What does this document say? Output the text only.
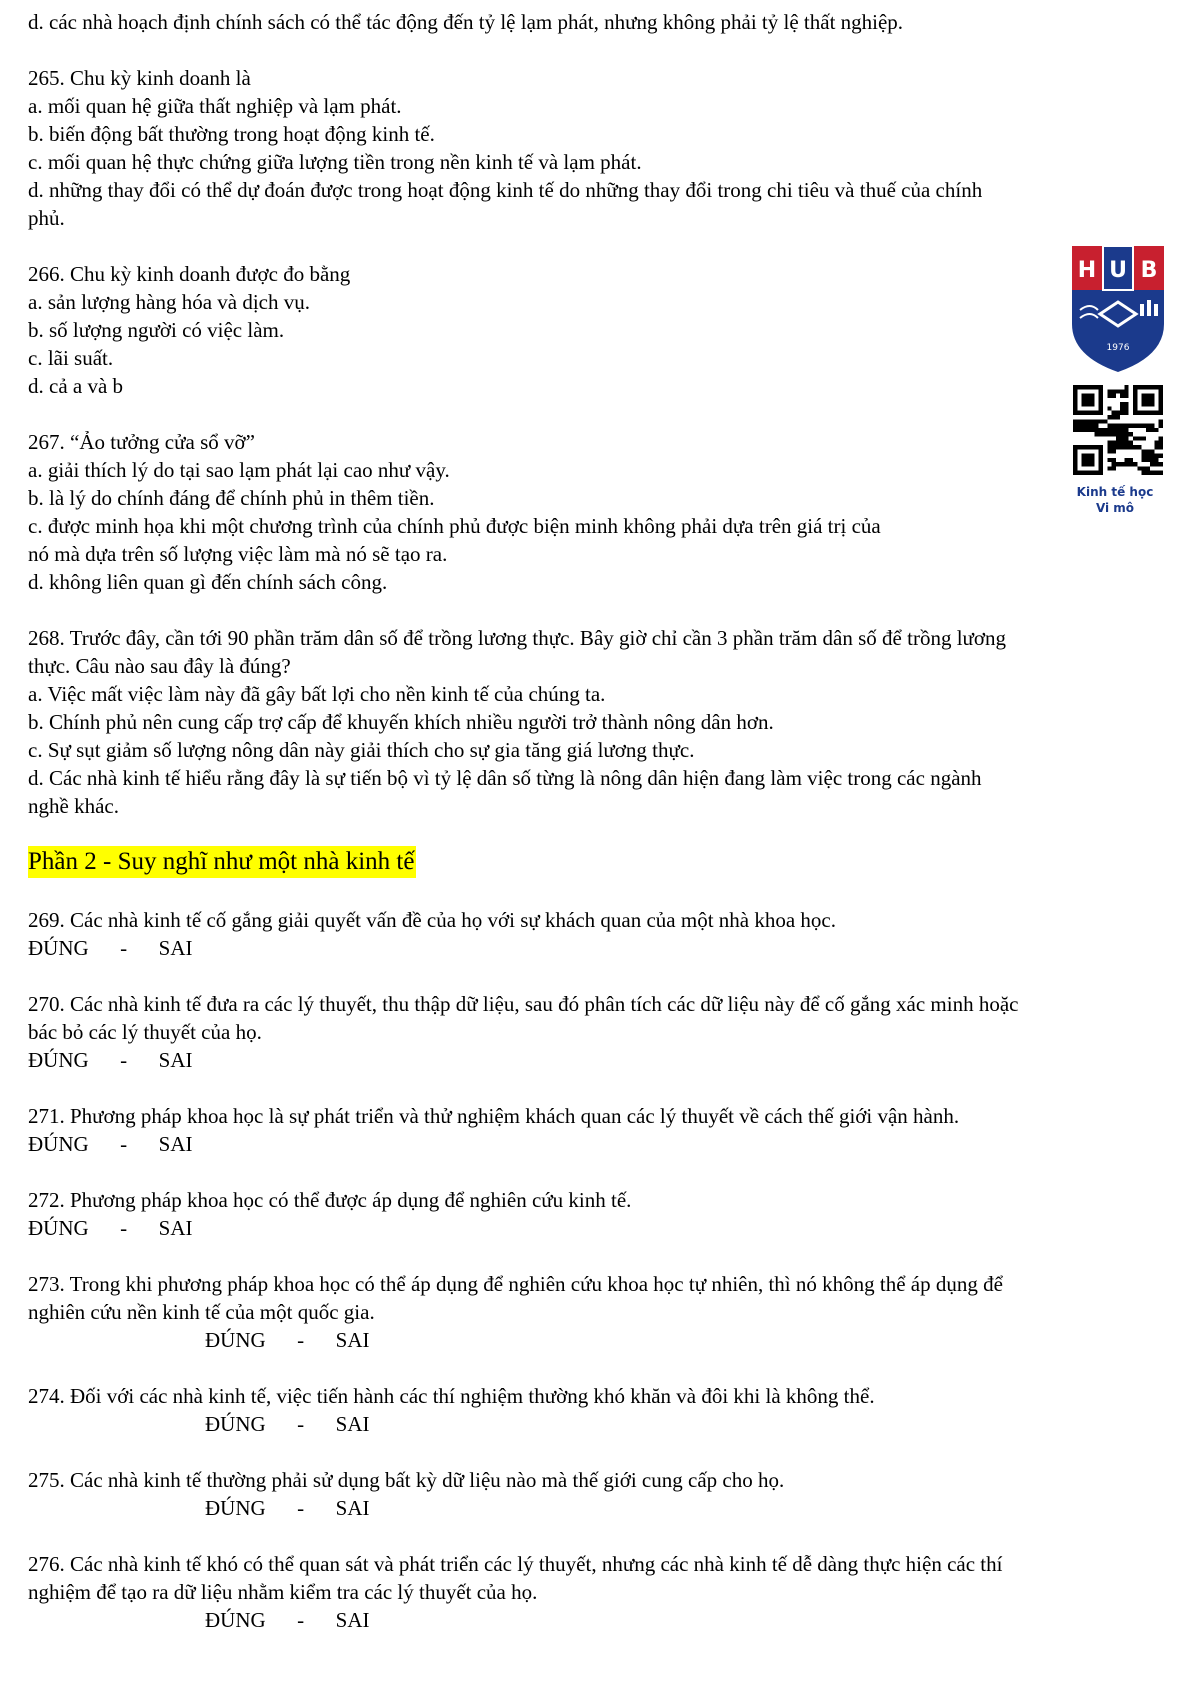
d. các nhà hoạch định chính sách có thể tác động đến tỷ lệ lạm phát, nhưng không phải tỷ lệ thất nghiệp.
265. Chu kỳ kinh doanh là
a. mối quan hệ giữa thất nghiệp và lạm phát.
b. biến động bất thường trong hoạt động kinh tế.
c. mối quan hệ thực chứng giữa lượng tiền trong nền kinh tế và lạm phát.
d. những thay đổi có thể dự đoán được trong hoạt động kinh tế do những thay đổi trong chi tiêu và thuế của chính
phủ.
266. Chu kỳ kinh doanh được đo bằng
a. sản lượng hàng hóa và dịch vụ.
b. số lượng người có việc làm.
c. lãi suất.
d. cả a và b
267. “Ảo tưởng cửa sổ vỡ”
a. giải thích lý do tại sao lạm phát lại cao như vậy.
b. là lý do chính đáng để chính phủ in thêm tiền.
c. được minh họa khi một chương trình của chính phủ được biện minh không phải dựa trên giá trị của
nó mà dựa trên số lượng việc làm mà nó sẽ tạo ra.
d. không liên quan gì đến chính sách công.
268. Trước đây, cần tới 90 phần trăm dân số để trồng lương thực. Bây giờ chỉ cần 3 phần trăm dân số để trồng lương
thực. Câu nào sau đây là đúng?
a. Việc mất việc làm này đã gây bất lợi cho nền kinh tế của chúng ta.
b. Chính phủ nên cung cấp trợ cấp để khuyến khích nhiều người trở thành nông dân hơn.
c. Sự sụt giảm số lượng nông dân này giải thích cho sự gia tăng giá lương thực.
d. Các nhà kinh tế hiểu rằng đây là sự tiến bộ vì tỷ lệ dân số từng là nông dân hiện đang làm việc trong các ngành
nghề khác.
Phần 2 - Suy nghĩ như một nhà kinh tế
269. Các nhà kinh tế cố gắng giải quyết vấn đề của họ với sự khách quan của một nhà khoa học.
ĐÚNG - SAI
270. Các nhà kinh tế đưa ra các lý thuyết, thu thập dữ liệu, sau đó phân tích các dữ liệu này để cố gắng xác minh hoặc
bác bỏ các lý thuyết của họ.
ĐÚNG - SAI
271. Phương pháp khoa học là sự phát triển và thử nghiệm khách quan các lý thuyết về cách thế giới vận hành.
ĐÚNG - SAI
272. Phương pháp khoa học có thể được áp dụng để nghiên cứu kinh tế.
ĐÚNG - SAI
273. Trong khi phương pháp khoa học có thể áp dụng để nghiên cứu khoa học tự nhiên, thì nó không thể áp dụng để
nghiên cứu nền kinh tế của một quốc gia.
ĐÚNG - SAI
274. Đối với các nhà kinh tế, việc tiến hành các thí nghiệm thường khó khăn và đôi khi là không thể.
ĐÚNG - SAI
275. Các nhà kinh tế thường phải sử dụng bất kỳ dữ liệu nào mà thế giới cung cấp cho họ.
ĐÚNG - SAI
276. Các nhà kinh tế khó có thể quan sát và phát triển các lý thuyết, nhưng các nhà kinh tế dễ dàng thực hiện các thí
nghiệm để tạo ra dữ liệu nhằm kiểm tra các lý thuyết của họ.
ĐÚNG - SAI
H U B
1976
Kinh tế học
Vi mô
